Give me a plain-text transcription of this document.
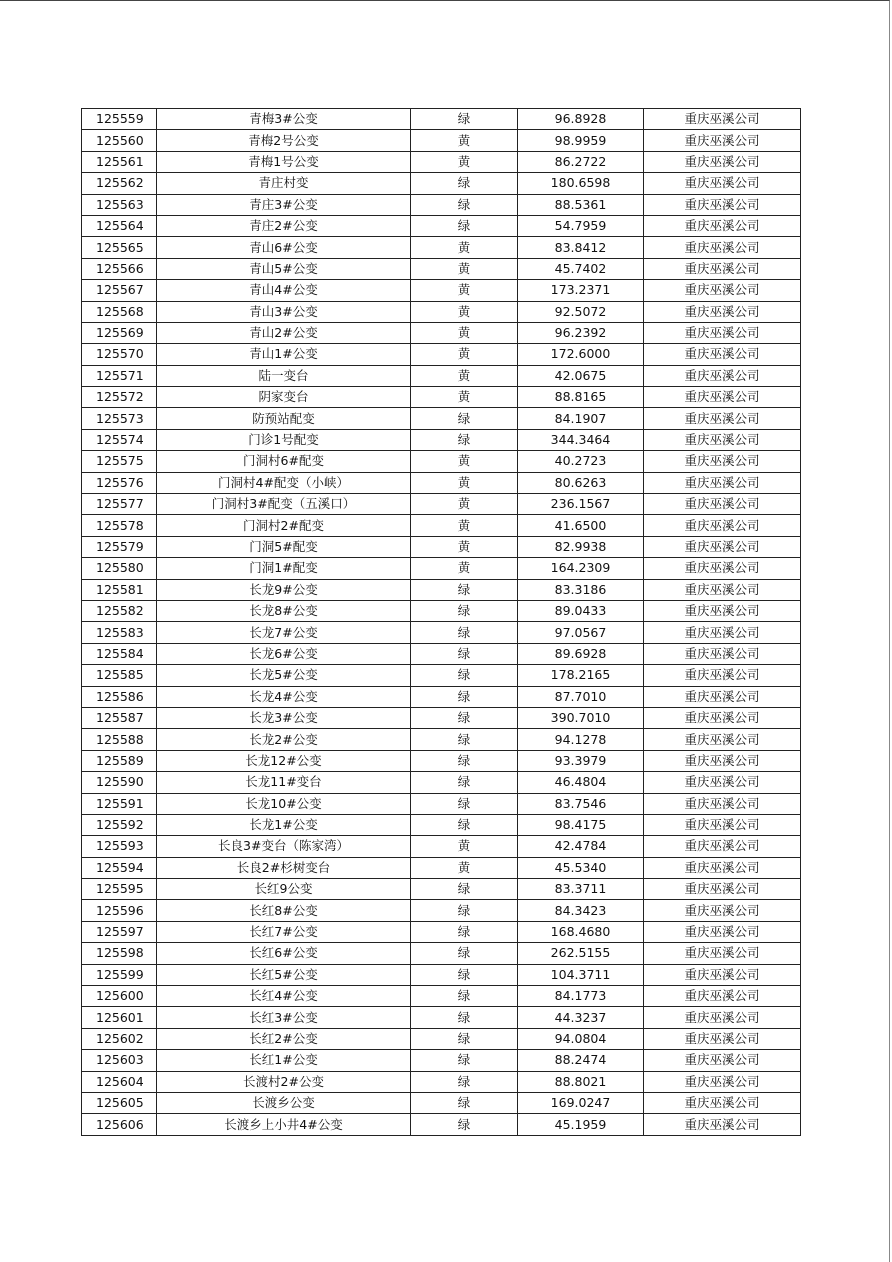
125559	青梅3#公变	绿	96.8928	重庆巫溪公司
125560	青梅2号公变	黄	98.9959	重庆巫溪公司
125561	青梅1号公变	黄	86.2722	重庆巫溪公司
125562	青庄村变	绿	180.6598	重庆巫溪公司
125563	青庄3#公变	绿	88.5361	重庆巫溪公司
125564	青庄2#公变	绿	54.7959	重庆巫溪公司
125565	青山6#公变	黄	83.8412	重庆巫溪公司
125566	青山5#公变	黄	45.7402	重庆巫溪公司
125567	青山4#公变	黄	173.2371	重庆巫溪公司
125568	青山3#公变	黄	92.5072	重庆巫溪公司
125569	青山2#公变	黄	96.2392	重庆巫溪公司
125570	青山1#公变	黄	172.6000	重庆巫溪公司
125571	陆一变台	黄	42.0675	重庆巫溪公司
125572	阴家变台	黄	88.8165	重庆巫溪公司
125573	防预站配变	绿	84.1907	重庆巫溪公司
125574	门诊1号配变	绿	344.3464	重庆巫溪公司
125575	门洞村6#配变	黄	40.2723	重庆巫溪公司
125576	门洞村4#配变（小峡）	黄	80.6263	重庆巫溪公司
125577	门洞村3#配变（五溪口）	黄	236.1567	重庆巫溪公司
125578	门洞村2#配变	黄	41.6500	重庆巫溪公司
125579	门洞5#配变	黄	82.9938	重庆巫溪公司
125580	门洞1#配变	黄	164.2309	重庆巫溪公司
125581	长龙9#公变	绿	83.3186	重庆巫溪公司
125582	长龙8#公变	绿	89.0433	重庆巫溪公司
125583	长龙7#公变	绿	97.0567	重庆巫溪公司
125584	长龙6#公变	绿	89.6928	重庆巫溪公司
125585	长龙5#公变	绿	178.2165	重庆巫溪公司
125586	长龙4#公变	绿	87.7010	重庆巫溪公司
125587	长龙3#公变	绿	390.7010	重庆巫溪公司
125588	长龙2#公变	绿	94.1278	重庆巫溪公司
125589	长龙12#公变	绿	93.3979	重庆巫溪公司
125590	长龙11#变台	绿	46.4804	重庆巫溪公司
125591	长龙10#公变	绿	83.7546	重庆巫溪公司
125592	长龙1#公变	绿	98.4175	重庆巫溪公司
125593	长良3#变台（陈家湾）	黄	42.4784	重庆巫溪公司
125594	长良2#杉树变台	黄	45.5340	重庆巫溪公司
125595	长红9公变	绿	83.3711	重庆巫溪公司
125596	长红8#公变	绿	84.3423	重庆巫溪公司
125597	长红7#公变	绿	168.4680	重庆巫溪公司
125598	长红6#公变	绿	262.5155	重庆巫溪公司
125599	长红5#公变	绿	104.3711	重庆巫溪公司
125600	长红4#公变	绿	84.1773	重庆巫溪公司
125601	长红3#公变	绿	44.3237	重庆巫溪公司
125602	长红2#公变	绿	94.0804	重庆巫溪公司
125603	长红1#公变	绿	88.2474	重庆巫溪公司
125604	长渡村2#公变	绿	88.8021	重庆巫溪公司
125605	长渡乡公变	绿	169.0247	重庆巫溪公司
125606	长渡乡上小井4#公变	绿	45.1959	重庆巫溪公司
